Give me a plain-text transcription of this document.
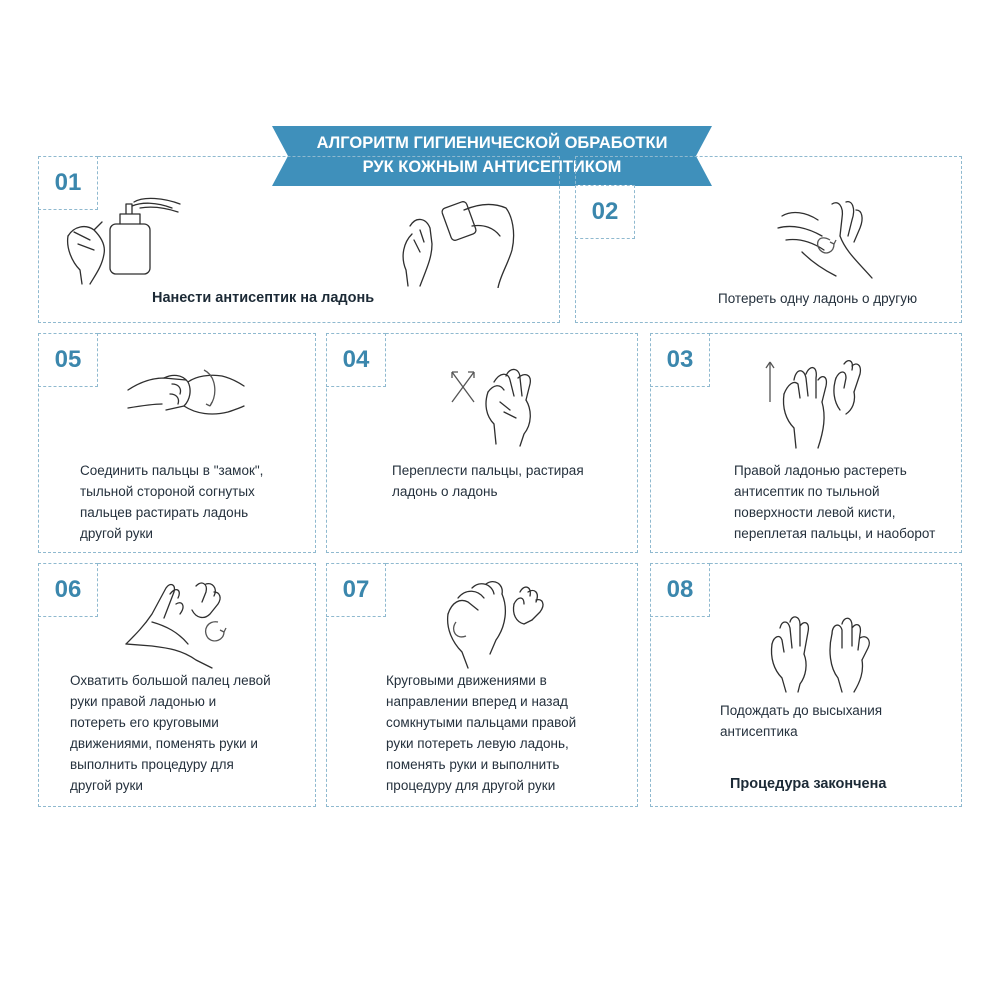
АЛГОРИТМ ГИГИЕНИЧЕСКОЙ ОБРАБОТКИ
РУК КОЖНЫМ АНТИСЕПТИКОМ
01
Нанести антисептик на ладонь
02
Потереть одну ладонь о другую
05
Соединить пальцы в "замок",
тыльной стороной согнутых
пальцев растирать ладонь
другой руки
04
Переплести пальцы, растирая
ладонь о ладонь
03
Правой ладонью растереть
антисептик по тыльной
поверхности левой кисти,
переплетая пальцы, и наоборот
06
Охватить большой палец левой
руки правой ладонью и
потереть его круговыми
движениями, поменять руки и
выполнить процедуру для
другой руки
07
Круговыми движениями в
направлении вперед и назад
сомкнутыми пальцами правой
руки потереть левую ладонь,
поменять руки и выполнить
процедуру для другой руки
08
Подождать до высыхания
антисептика
Процедура закончена
